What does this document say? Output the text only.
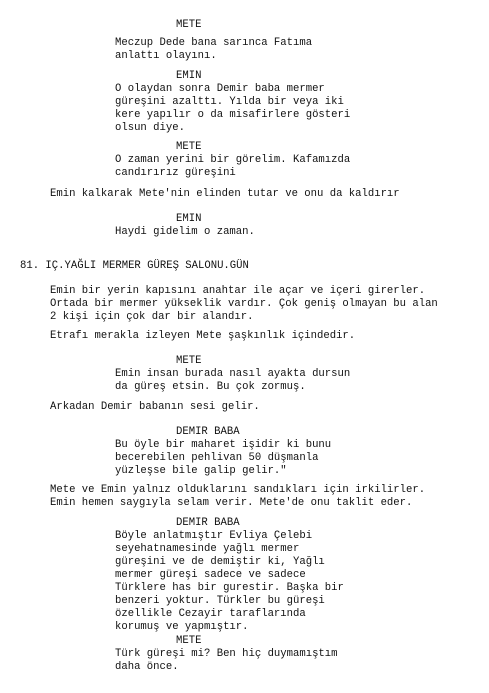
METE
Meczup Dede bana sarınca Fatıma
anlattı olayını.
EMIN
O olaydan sonra Demir baba mermer
güreşini azalttı. Yılda bir veya iki
kere yapılır o da misafirlere gösteri
olsun diye.
METE
O zaman yerini bir görelim. Kafamızda
candırırız güreşini
Emin kalkarak Mete'nin elinden tutar ve onu da kaldırır
EMIN
Haydi gidelim o zaman.
81. IÇ.YAĞLI MERMER GÜREŞ SALONU.GÜN
Emin bir yerin kapısını anahtar ile açar ve içeri girerler.
Ortada bir mermer yükseklik vardır. Çok geniş olmayan bu alan
2 kişi için çok dar bir alandır.
Etrafı merakla izleyen Mete şaşkınlık içindedir.
METE
Emin insan burada nasıl ayakta dursun
da güreş etsin. Bu çok zormuş.
Arkadan Demir babanın sesi gelir.
DEMIR BABA
Bu öyle bir maharet işidir ki bunu
becerebilen pehlivan 50 düşmanla
yüzleşse bile galip gelir."
Mete ve Emin yalnız olduklarını sandıkları için irkilirler.
Emin hemen saygıyla selam verir. Mete'de onu taklit eder.
DEMIR BABA
Böyle anlatmıştır Evliya Çelebi
seyehatnamesinde yağlı mermer
güreşini ve de demiştir ki, Yağlı
mermer güreşi sadece ve sadece
Türklere has bir gurestir. Başka bir
benzeri yoktur. Türkler bu güreşi
özellikle Cezayir taraflarında
korumuş ve yapmıştır.
METE
Türk güreşi mi? Ben hiç duymamıştım
daha önce.
